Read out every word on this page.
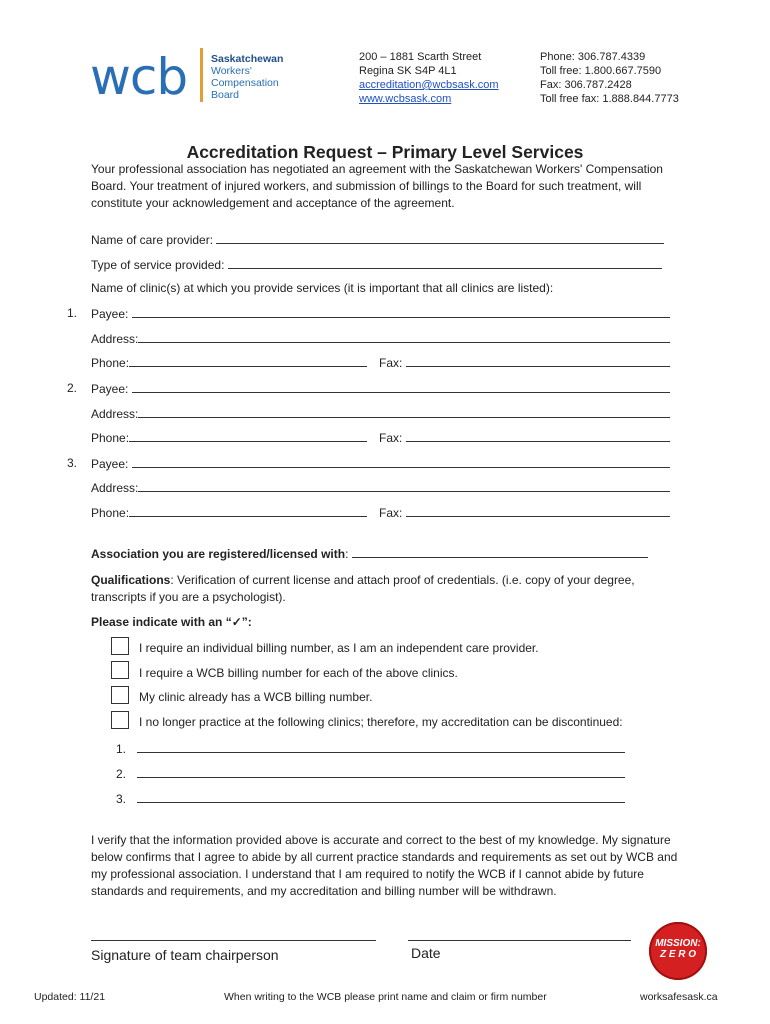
wcb Saskatchewan
Workers'
Compensation
Board
200 – 1881 Scarth Street
Regina SK S4P 4L1
accreditation@wcbsask.com
www.wcbsask.com
Phone: 306.787.4339
Toll free: 1.800.667.7590
Fax: 306.787.2428
Toll free fax: 1.888.844.7773
Accreditation Request – Primary Level Services
Your professional association has negotiated an agreement with the Saskatchewan Workers' Compensation Board. Your treatment of injured workers, and submission of billings to the Board for such treatment, will constitute your acknowledgement and acceptance of the agreement.
Name of care provider:
Type of service provided:
Name of clinic(s) at which you provide services (it is important that all clinics are listed):
1. Payee:
Address:
Phone:	Fax:
2. Payee:
Address:
Phone:	Fax:
3. Payee:
Address:
Phone:	Fax:
Association you are registered/licensed with:
Qualifications: Verification of current license and attach proof of credentials. (i.e. copy of your degree, transcripts if you are a psychologist).
Please indicate with an “✓”:
I require an individual billing number, as I am an independent care provider.
I require a WCB billing number for each of the above clinics.
My clinic already has a WCB billing number.
I no longer practice at the following clinics; therefore, my accreditation can be discontinued:
1.
2.
3.
I verify that the information provided above is accurate and correct to the best of my knowledge. My signature below confirms that I agree to abide by all current practice standards and requirements as set out by WCB and my professional association. I understand that I am required to notify the WCB if I cannot abide by future standards and requirements, and my accreditation and billing number will be withdrawn.
Signature of team chairperson	Date
MISSION:
Z E R O
Updated: 11/21	When writing to the WCB please print name and claim or firm number	worksafesask.ca
